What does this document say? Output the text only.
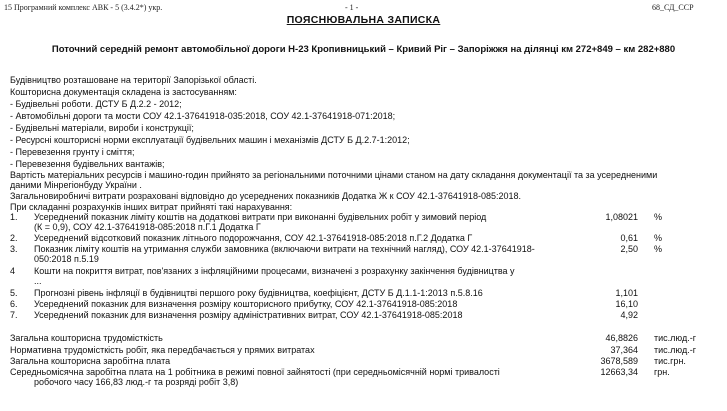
15 Програмний комплекс АВК - 5 (3.4.2*) укр.	- 1 -	68_СД_ССР
ПОЯСНЮВАЛЬНА ЗАПИСКА
Поточний середній ремонт автомобільної дороги Н-23 Кропивницький – Кривий Ріг – Запоріжжя на ділянці км 272+849 – км 282+880
Будівництво розташоване на території Запорізької області.
Кошторисна документація складена із застосуванням:
- Будівельні роботи. ДСТУ Б Д.2.2 - 2012;
- Автомобільні дороги та мости СОУ 42.1-37641918-035:2018, СОУ 42.1-37641918-071:2018;
- Будівельні матеріали, вироби і конструкції;
- Ресурсні кошторисні норми експлуатації будівельних машин і механізмів ДСТУ Б Д.2.7-1:2012;
- Перевезення грунту і сміття;
- Перевезення будівельних вантажів;
Вартість матеріальних ресурсів і машино-годин прийнято за регіональними поточними цінами станом на дату складання документації та за усередненими
даними Мінрегіонбуду України .
Загальновиробничі витрати розраховані відповідно до усереднених показників Додатка Ж к СОУ 42.1-37641918-085:2018.
При складанні розрахунків інших витрат прийняті такі нарахування:
1. Усереднений показник ліміту коштів на додаткові витрати при виконанні будівельних робіт у зимовий період
(К = 0,9), СОУ 42.1-37641918-085:2018 п.Г.1 Додатка Г
1,08021 %
2. Усереднений відсотковий показник літнього подорожчання, СОУ 42.1-37641918-085:2018 п.Г.2 Додатка Г	0,61 %
3. Показник ліміту коштів на утримання служби замовника (включаючи витрати на технічний нагляд), СОУ 42.1-37641918-
050:2018 п.5.19
2,50 %
4 Кошти на покриття витрат, пов'язаних з інфляційними процесами, визначені з розрахунку закінчення будівництва у
...
5. Прогнозні рівень інфляції в будівництві першого року будівництва, коефіцієнт, ДСТУ Б Д.1.1-1:2013 п.5.8.16	1,101
6. Усереднений показник для визначення розміру кошторисного прибутку, СОУ 42.1-37641918-085:2018	16,10
7. Усереднений показник для визначення розміру адміністративних витрат, СОУ 42.1-37641918-085:2018	4,92
Загальна кошторисна трудомісткість	46,8826 тис.люд.-г
Нормативна трудомісткість робіт, яка передбачається у прямих витратах	37,364 тис.люд.-г
Загальна кошторисна заробітна плата	3678,589 тис.грн.
Середньомісячна заробітна плата на 1 робітника в режимі повної зайнятості (при середньомісячній нормі тривалості	12663,34 грн.
робочого часу 166,83 люд.-г та розряді робіт 3,8)
